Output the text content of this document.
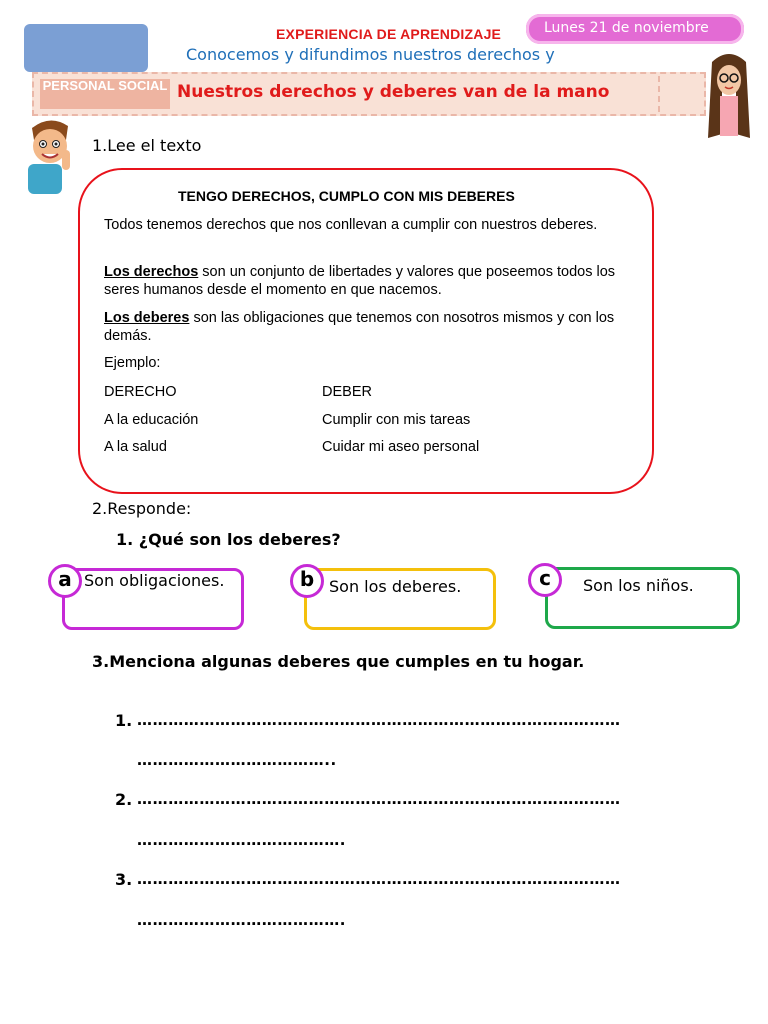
EXPERIENCIA DE APRENDIZAJE
Conocemos y difundimos nuestros derechos y
Lunes 21 de noviembre
PERSONAL SOCIAL Nuestros derechos y deberes van de la mano
1.Lee el texto
TENGO DERECHOS, CUMPLO CON MIS DEBERES
Todos tenemos derechos que nos conllevan a cumplir con nuestros deberes.
Los derechos son un conjunto de libertades y valores que poseemos todos los seres humanos desde el momento en que nacemos.
Los deberes son las obligaciones que tenemos con nosotros mismos y con los demás.
Ejemplo:
DERECHO	DEBER
A la educación	Cumplir con mis tareas
A la salud	Cuidar mi aseo personal
2.Responde:
1. ¿Qué son los deberes?
a Son obligaciones.	b Son los deberes.	c	Son los niños.
3.Menciona algunas deberes que cumples en tu hogar.
1. …………………………………………………………………………………
………………………………..
2. …………………………………………………………………………………
………………………………….
3. …………………………………………………………………………………
………………………………….
